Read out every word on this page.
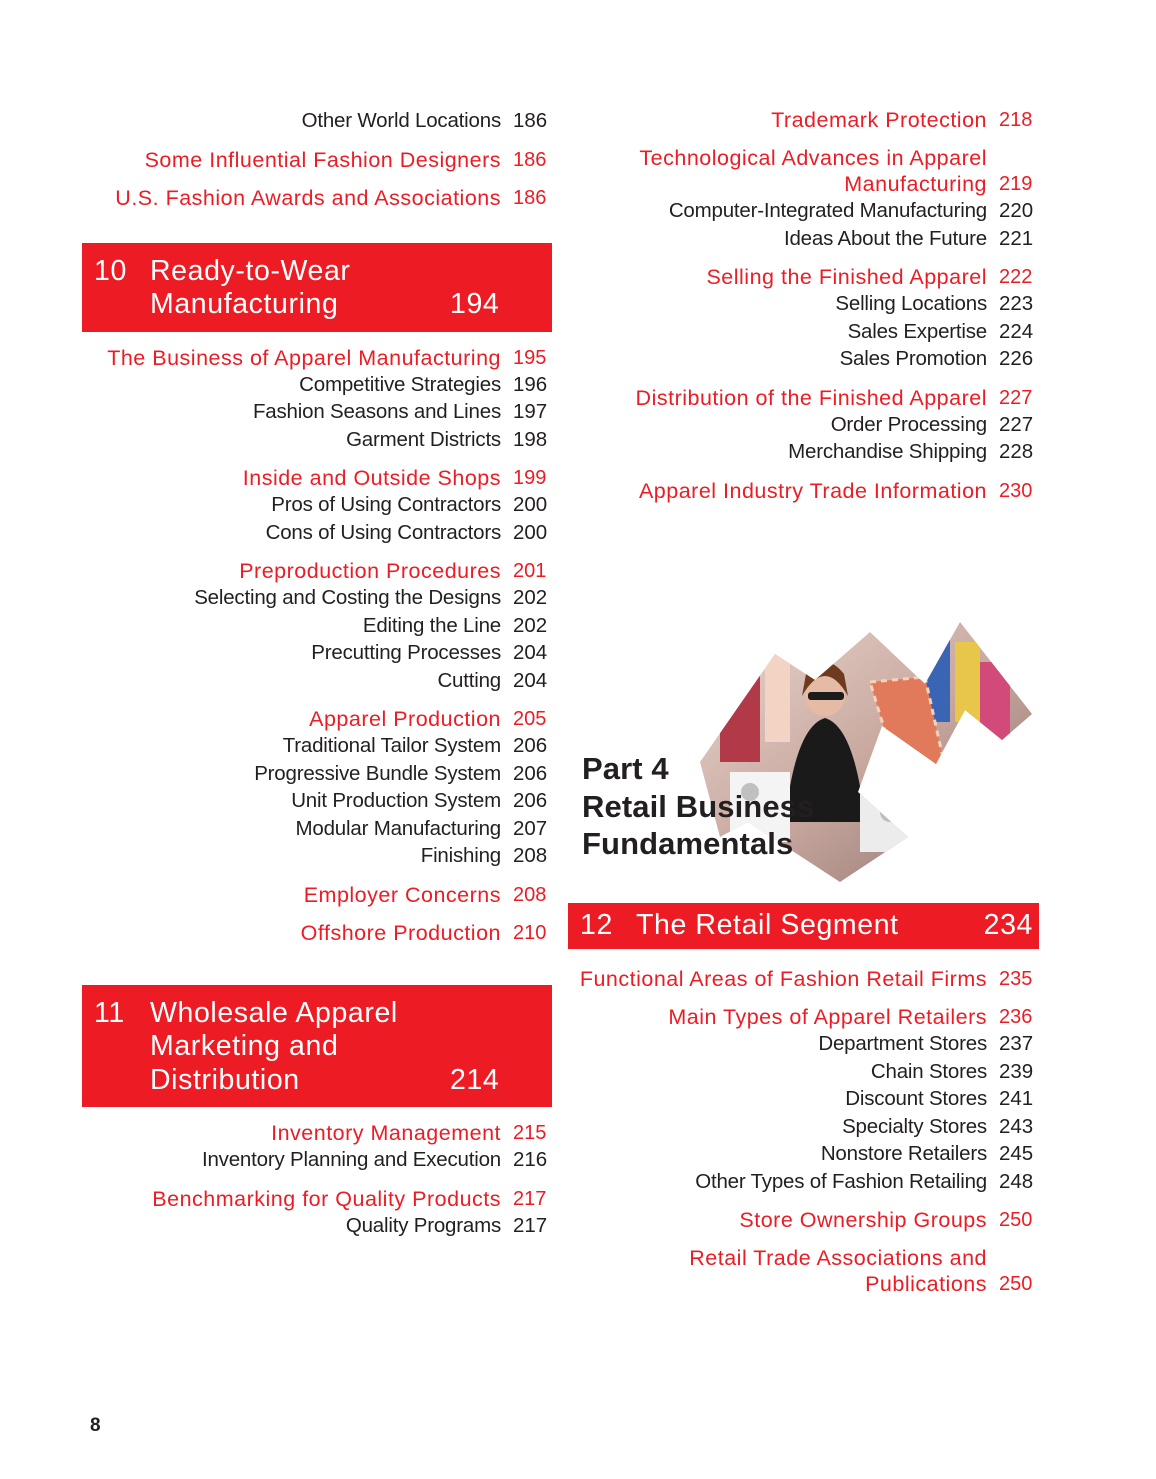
Other World Locations 186
Some Influential Fashion Designers 186
U.S. Fashion Awards and Associations 186
10 Ready-to-Wear Manufacturing	194
The Business of Apparel Manufacturing 195
Competitive Strategies 196
Fashion Seasons and Lines 197
Garment Districts 198
Inside and Outside Shops 199
Pros of Using Contractors 200
Cons of Using Contractors 200
Preproduction Procedures 201
Selecting and Costing the Designs 202
Editing the Line 202
Precutting Processes 204
Cutting 204
Apparel Production 205
Traditional Tailor System 206
Progressive Bundle System 206
Unit Production System 206
Modular Manufacturing 207
Finishing 208
Employer Concerns 208
Offshore Production 210
11 Wholesale Apparel Marketing and Distribution	214
Inventory Management 215
Inventory Planning and Execution 216
Benchmarking for Quality Products 217
Quality Programs 217
Trademark Protection 218
Technological Advances in Apparel Manufacturing 219
Computer-Integrated Manufacturing 220
Ideas About the Future 221
Selling the Finished Apparel 222
Selling Locations 223
Sales Expertise 224
Sales Promotion 226
Distribution of the Finished Apparel 227
Order Processing 227
Merchandise Shipping 228
Apparel Industry Trade Information 230
Part 4
Retail Business
Fundamentals
12 The Retail Segment	234
Functional Areas of Fashion Retail Firms 235
Main Types of Apparel Retailers 236
Department Stores 237
Chain Stores 239
Discount Stores 241
Specialty Stores 243
Nonstore Retailers 245
Other Types of Fashion Retailing 248
Store Ownership Groups 250
Retail Trade Associations and Publications 250
8
